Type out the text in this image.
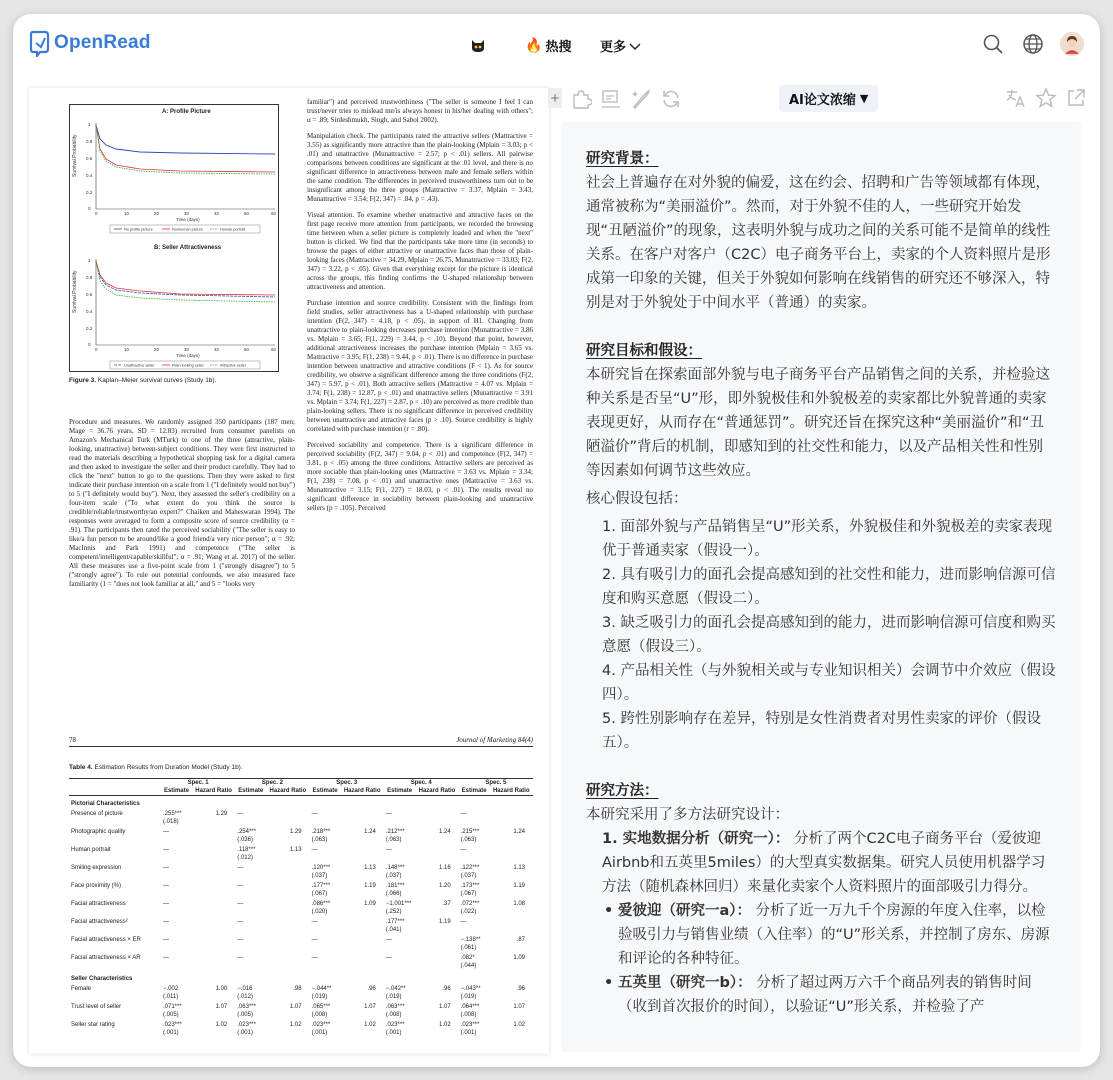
OpenRead	🔥 热搜 更多
A: Profile Picture
Survival Probability
1
0.8
0.6
0.4
0.2
0
0	10	20	30	40	50	60
Time (days)
No profile picture	Nonhuman picture	Human portrait
B: Seller Attractiveness
Survival Probability
1
0.8
0.6
0.4
0.2
0
0	10	20	30	40	50	60
Time (days)
Unattractive seller	Plain-looking seller	Attractive seller
Figure 3. Kaplan–Meier survival curves (Study 1b).

Procedure and measures. We randomly assigned 350 participants (187 men; Mage = 36.76 years, SD = 12.83) recruited from consumer panelists on Amazon's Mechanical Turk (MTurk) to one of the three (attractive, plain-looking, unattractive) between-subject conditions. They were first instructed to read the materials describing a hypothetical shopping task for a digital camera and then asked to investigate the seller and their product carefully. They had to click the "next" button to go to the questions. Then they were asked to first indicate their purchase intention on a scale from 1 ("I definitely would not buy") to 5 ("I definitely would buy"). Next, they assessed the seller's credibility on a four-item scale ("To what extent do you think the source is credible/reliable/trustworthy/an expert?" Chaiken and Maheswaran 1994). The responses were averaged to form a composite score of source credibility (α = .91). The participants then rated the perceived sociability ("The seller is easy to like/a fun person to be around/like a good friend/a very nice person"; α = .92; MacInnis and Park 1991) and competence ("The seller is competent/intelligent/capable/skillful"; α = .91; Wang et al. 2017) of the seller. All these measures use a five-point scale from 1 ("strongly disagree") to 5 ("strongly agree"). To rule out potential confounds, we also measured face familiarity (1 = "does not look familiar at all," and 5 = "looks very

familiar") and perceived trustworthiness ("The seller is someone I feel I can trust/never tries to mislead me/is always honest in his/her dealing with others"; α = .89; Sirdeshmukh, Singh, and Sabol 2002).

Manipulation check. The participants rated the attractive sellers (Mattractive = 3.55) as significantly more attractive than the plain-looking (Mplain = 3.03; p < .01) and unattractive (Munattractive = 2.57; p < .01) sellers. All pairwise comparisons between conditions are significant at the .01 level, and there is no significant difference in attractiveness between male and female sellers within the same condition. The differences in perceived trustworthiness turn out to be insignificant among the three groups (Mattractive = 3.37, Mplain = 3.43, Munattractive = 3.54; F(2, 347) = .84, p = .43).

Visual attention. To examine whether unattractive and attractive faces on the first page receive more attention from participants, we recorded the browsing time between when a seller picture is completely loaded and when the "next" button is clicked. We find that the participants take more time (in seconds) to browse the pages of either attractive or unattractive faces than those of plain-looking faces (Mattractive = 34.29, Mplain = 26.75, Munattractive = 33.03; F(2, 347) = 3.22, p < .05). Given that everything except for the picture is identical across the groups, this finding confirms the U-shaped relationship between attractiveness and attention.

Purchase intention and source credibility. Consistent with the findings from field studies, seller attractiveness has a U-shaped relationship with purchase intention (F(2, 347) = 4.18, p < .05), in support of H1. Changing from unattractive to plain-looking decreases purchase intention (Munattractive = 3.86 vs. Mplain = 3.65; F(1, 229) = 3.44, p < .10). Beyond that point, however, additional attractiveness increases the purchase intention (Mplain = 3.65 vs. Mattractive = 3.95; F(1, 238) = 9.44, p < .01). There is no difference in purchase intention between unattractive and attractive conditions (F < 1). As for source credibility, we observe a significant difference among the three conditions (F(2, 347) = 5.97, p < .01). Both attractive sellers (Mattractive = 4.07 vs. Mplain = 3.74; F(1, 238) = 12.87, p < .01) and unattractive sellers (Munattractive = 3.91 vs. Mplain = 3.74; F(1, 227) = 2.87, p < .10) are perceived as more credible than plain-looking sellers. There is no significant difference in perceived credibility between unattractive and attractive faces (p > .10). Source credibility is highly correlated with purchase intention (r = .80).

Perceived sociability and competence. There is a significant difference in perceived sociability (F(2, 347) = 9.04, p < .01) and competence (F(2, 347) = 3.81, p < .05) among the three conditions. Attractive sellers are perceived as more sociable than plain-looking ones (Mattractive = 3.63 vs. Mplain = 3.34; F(1, 238) = 7.08, p < .01) and unattractive ones (Mattractive = 3.63 vs. Munattractive = 3.15; F(1, 227) = 18.03, p < .01). The results reveal no significant difference in sociability between plain-looking and unattractive sellers (p = .105). Perceived

78	Journal of Marketing 84(4)
Table 4. Estimation Results from Duration Model (Study 1b).
	Spec. 1		Spec. 2		Spec. 3		Spec. 4		Spec. 5	
	Estimate	Hazard Ratio	Estimate	Hazard Ratio	Estimate	Hazard Ratio	Estimate	Hazard Ratio	Estimate	Hazard Ratio
Pictorial Characteristics										
Presence of picture	.255***
(.018)	1.29	—		—		—		—	
Photographic quality	—		.254***
(.036)	1.29	.218***
(.063)	1.24	.212***
(.063)	1.24	.215***
(.063)	1.24
Human portrait	—		.118***
(.012)	1.13	—		—		—	
Smiling expression	—		—		.120***
(.037)	1.13	.148***
(.037)	1.16	.122***
(.037)	1.13
Face proximity (%)	—		—		.177***
(.067)	1.19	.181***
(.066)	1.20	.173***
(.067)	1.19
Facial attractiveness	—		—		.086***
(.020)	1.09	−1.001***
(.252)	.37	.072***
(.022)	1.08
Facial attractiveness²	—		—		—		.177***
(.041)	1.19	—	
Facial attractiveness × ER	—		—		—		—		−.138**
(.061)	.87
Facial attractiveness × AR	—		—		—		—		.082*
(.044)	1.09
Seller Characteristics										
Female	−.002
(.011)	1.00	−.016
(.012)	.98	−.044**
(.019)	.96	−.042**
(.019)	.96	−.043**
(.019)	.96
Trust level of seller	.071***
(.005)	1.07	.063***
(.005)	1.07	.065***
(.008)	1.07	.063***
(.008)	1.07	.064***
(.008)	1.07
Seller star rating	.023***
(.001)	1.02	.023***
(.001)	1.02	.023***
(.001)	1.02	.023***
(.001)	1.02	.023***
(.001)	1.02
+	AI论文浓缩 ▼
研究背景：
社会上普遍存在对外貌的偏爱，这在约会、招聘和广告等领域都有体现，通常被称为“美丽溢价”。然而，对于外貌不佳的人，一些研究开始发现“丑陋溢价”的现象，这表明外貌与成功之间的关系可能不是简单的线性关系。在客户对客户（C2C）电子商务平台上，卖家的个人资料照片是形成第一印象的关键，但关于外貌如何影响在线销售的研究还不够深入，特别是对于外貌处于中间水平（普通）的卖家。
研究目标和假设：
本研究旨在探索面部外貌与电子商务平台产品销售之间的关系，并检验这种关系是否呈“U”形，即外貌极佳和外貌极差的卖家都比外貌普通的卖家表现更好，从而存在“普通惩罚”。研究还旨在探究这种“美丽溢价”和“丑陋溢价”背后的机制，即感知到的社交性和能力，以及产品相关性和性别等因素如何调节这些效应。
核心假设包括：
1. 面部外貌与产品销售呈“U”形关系，外貌极佳和外貌极差的卖家表现优于普通卖家（假设一）。
2. 具有吸引力的面孔会提高感知到的社交性和能力，进而影响信源可信度和购买意愿（假设二）。
3. 缺乏吸引力的面孔会提高感知到的能力，进而影响信源可信度和购买意愿（假设三）。
4. 产品相关性（与外貌相关或与专业知识相关）会调节中介效应（假设四）。
5. 跨性别影响存在差异，特别是女性消费者对男性卖家的评价（假设五）。
研究方法：
本研究采用了多方法研究设计：
1. 实地数据分析（研究一）： 分析了两个C2C电子商务平台（爱彼迎Airbnb和五英里5miles）的大型真实数据集。研究人员使用机器学习方法（随机森林回归）来量化卖家个人资料照片的面部吸引力得分。
• 爱彼迎（研究一a）： 分析了近一万九千个房源的年度入住率，以检验吸引力与销售业绩（入住率）的“U”形关系，并控制了房东、房源和评论的各种特征。
• 五英里（研究一b）： 分析了超过两万六千个商品列表的销售时间（收到首次报价的时间），以验证“U”形关系，并检验了产
